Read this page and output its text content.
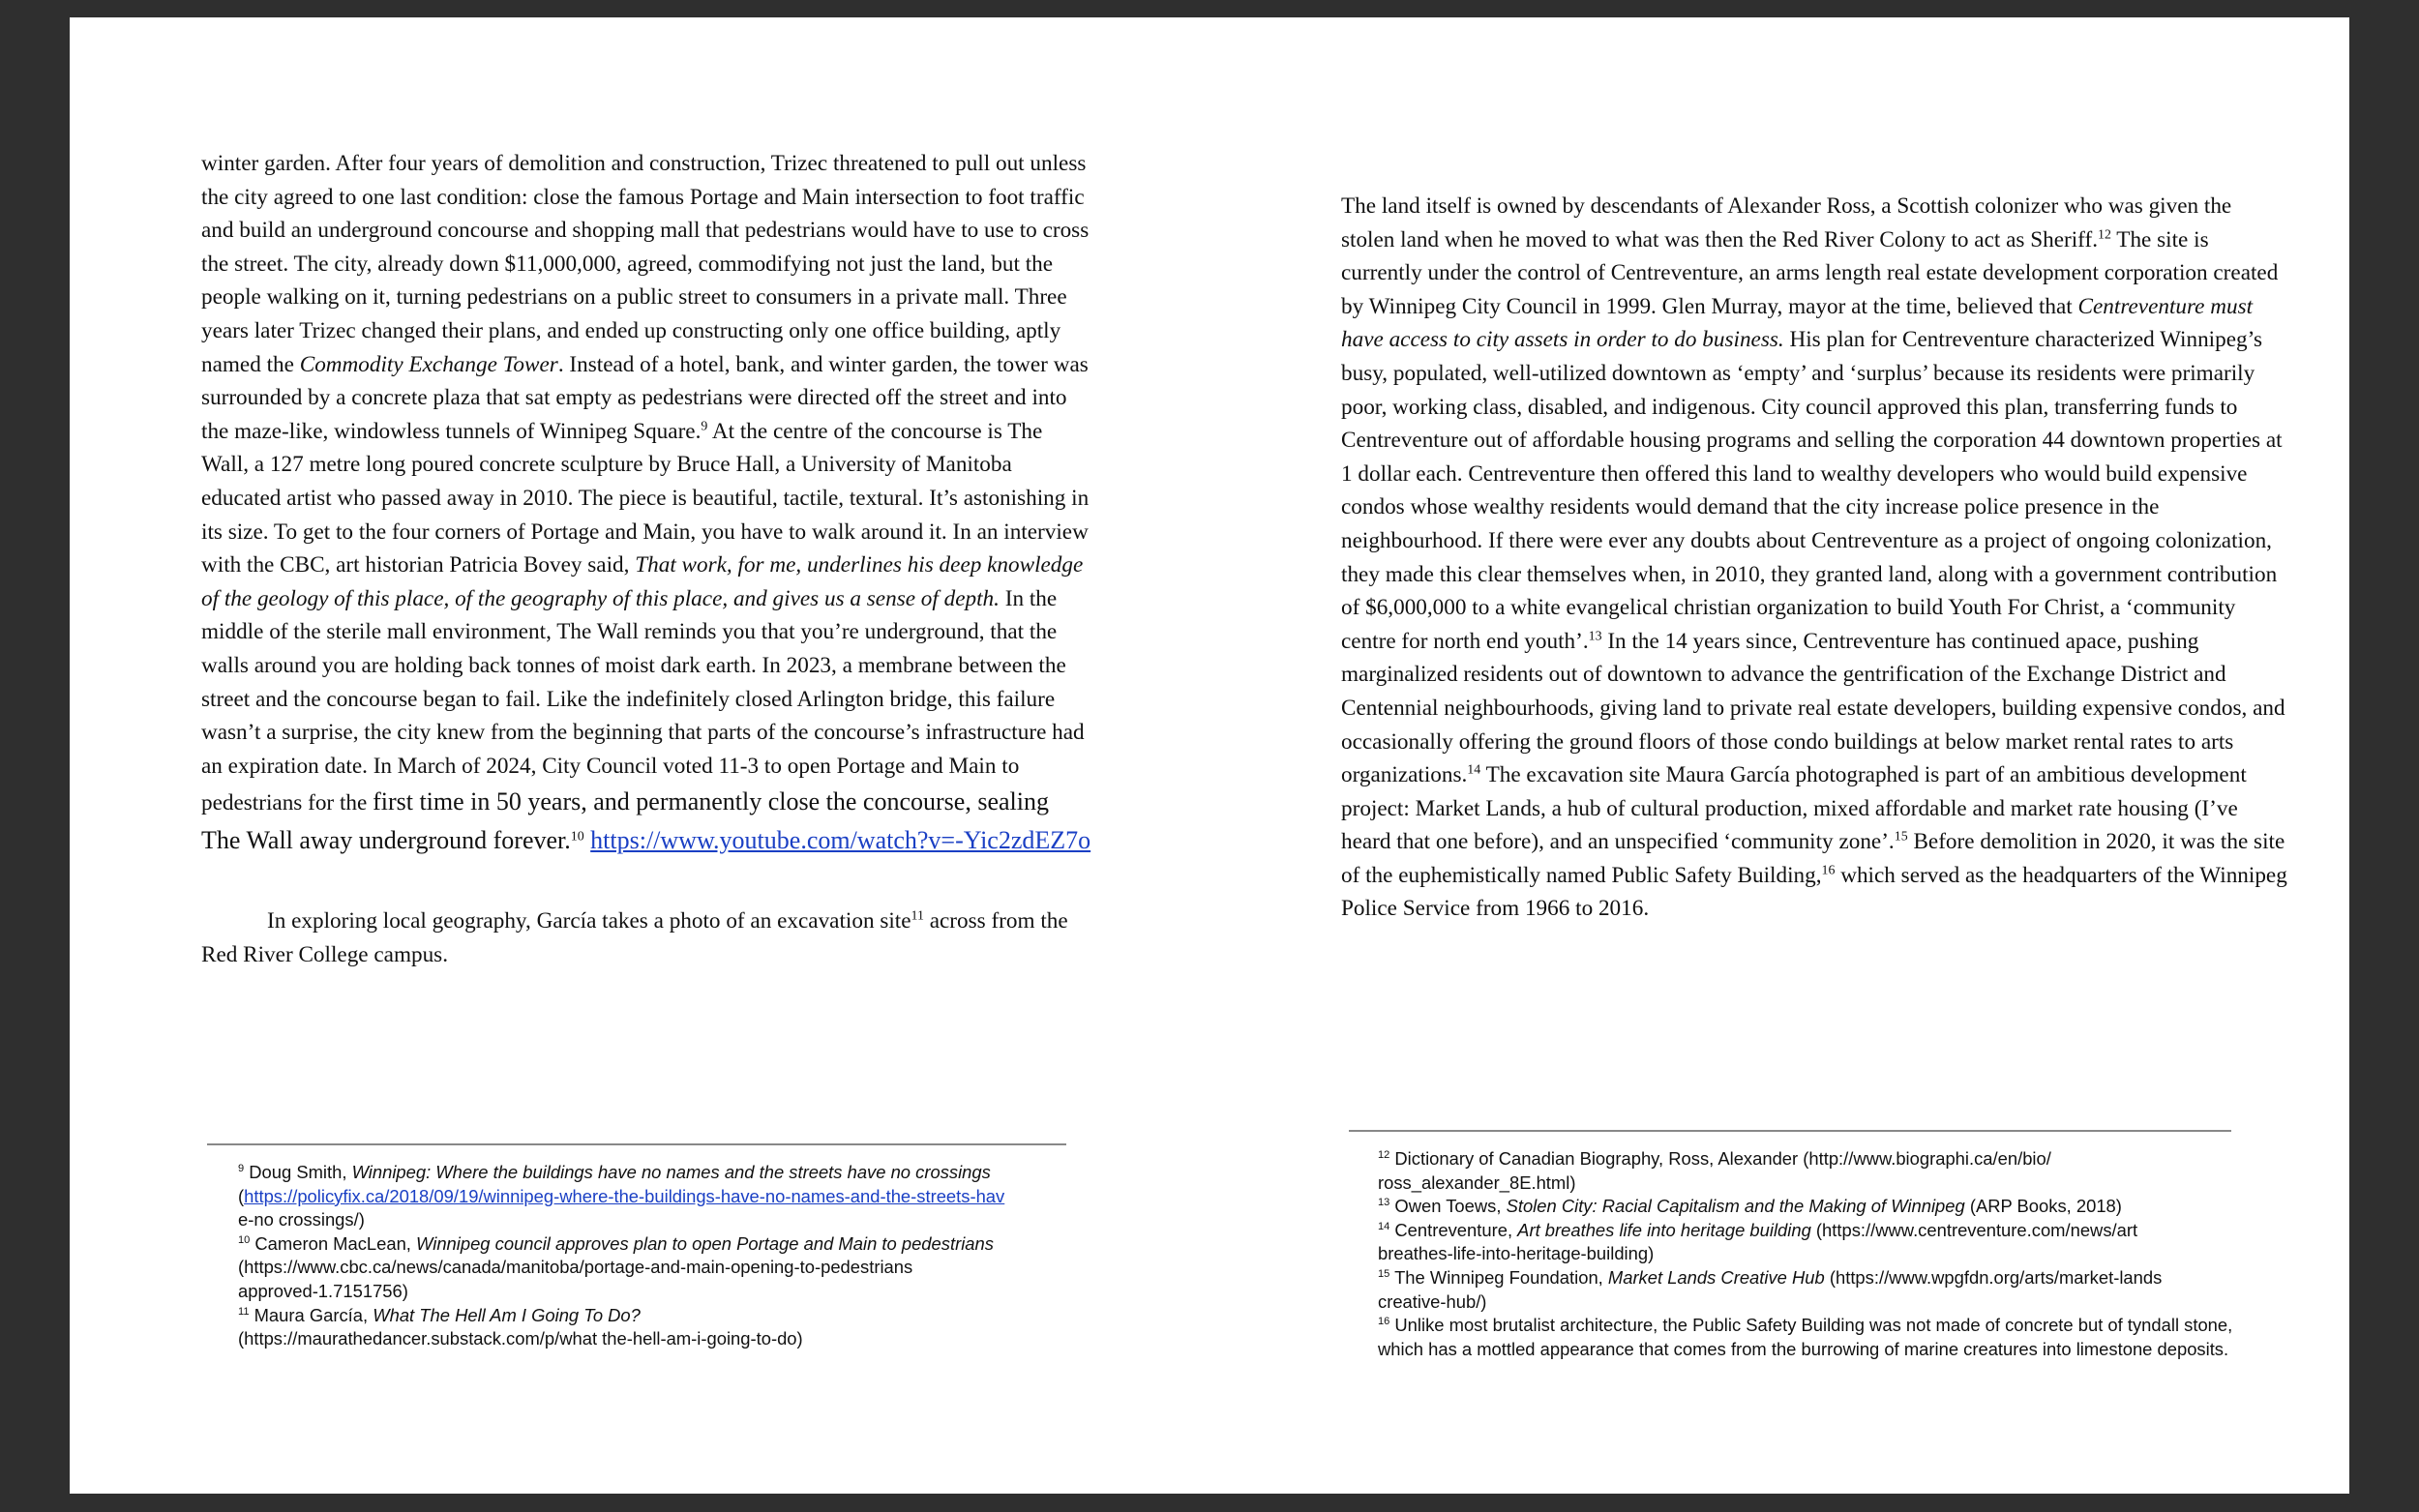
winter garden. After four years of demolition and construction, Trizec threatened to pull out unless the city agreed to one last condition: close the famous Portage and Main intersection to foot traffic and build an underground concourse and shopping mall that pedestrians would have to use to cross the street. The city, already down $11,000,000, agreed, commodifying not just the land, but the people walking on it, turning pedestrians on a public street to consumers in a private mall. Three years later Trizec changed their plans, and ended up constructing only one office building, aptly named the Commodity Exchange Tower. Instead of a hotel, bank, and winter garden, the tower was surrounded by a concrete plaza that sat empty as pedestrians were directed off the street and into the maze-like, windowless tunnels of Winnipeg Square.$^9$ At the centre of the concourse is The Wall, a 127 metre long poured concrete sculpture by Bruce Hall, a University of Manitoba educated artist who passed away in 2010. The piece is beautiful, tactile, textural. It’s astonishing in its size. To get to the four corners of Portage and Main, you have to walk around it. In an interview with the CBC, art historian Patricia Bovey said, That work, for me, underlines his deep knowledge of the geology of this place, of the geography of this place, and gives us a sense of depth. In the middle of the sterile mall environment, The Wall reminds you that you’re underground, that the walls around you are holding back tonnes of moist dark earth. In 2023, a membrane between the street and the concourse began to fail. Like the indefinitely closed Arlington bridge, this failure wasn’t a surprise, the city knew from the beginning that parts of the concourse’s infrastructure had an expiration date. In March of 2024, City Council voted 11-3 to open Portage and Main to pedestrians for the first time in 50 years, and permanently close the concourse, sealing The Wall away underground forever.$^{10}$ https://www.youtube.com/watch?v=-Yic2zdEZ7o

In exploring local geography, García takes a photo of an excavation site$^{11}$ across from the Red River College campus.

$^9$ Doug Smith, Winnipeg: Where the buildings have no names and the streets have no crossings

(https://policyfix.ca/2018/09/19/winnipeg-where-the-buildings-have-no-names-and-the-streets-hav

e-no crossings/)

$^{10}$ Cameron MacLean, Winnipeg council approves plan to open Portage and Main to pedestrians

(https://www.cbc.ca/news/canada/manitoba/portage-and-main-opening-to-pedestrians

approved-1.7151756)

$^{11}$ Maura García, What The Hell Am I Going To Do?

(https://maurathedancer.substack.com/p/what the-hell-am-i-going-to-do)

The land itself is owned by descendants of Alexander Ross, a Scottish colonizer who was given the stolen land when he moved to what was then the Red River Colony to act as Sheriff.$^{12}$ The site is currently under the control of Centreventure, an arms length real estate development corporation created by Winnipeg City Council in 1999. Glen Murray, mayor at the time, believed that Centreventure must have access to city assets in order to do business. His plan for Centreventure characterized Winnipeg’s busy, populated, well-utilized downtown as ‘empty’ and ‘surplus’ because its residents were primarily poor, working class, disabled, and indigenous. City council approved this plan, transferring funds to Centreventure out of affordable housing programs and selling the corporation 44 downtown properties at 1 dollar each. Centreventure then offered this land to wealthy developers who would build expensive condos whose wealthy residents would demand that the city increase police presence in the neighbourhood. If there were ever any doubts about Centreventure as a project of ongoing colonization, they made this clear themselves when, in 2010, they granted land, along with a government contribution of $6,000,000 to a white evangelical christian organization to build Youth For Christ, a ‘community centre for north end youth’.$^{13}$ In the 14 years since, Centreventure has continued apace, pushing marginalized residents out of downtown to advance the gentrification of the Exchange District and Centennial neighbourhoods, giving land to private real estate developers, building expensive condos, and occasionally offering the ground floors of those condo buildings at below market rental rates to arts organizations.$^{14}$ The excavation site Maura García photographed is part of an ambitious development project: Market Lands, a hub of cultural production, mixed affordable and market rate housing (I’ve heard that one before), and an unspecified ‘community zone’.$^{15}$ Before demolition in 2020, it was the site of the euphemistically named Public Safety Building,$^{16}$ which served as the headquarters of the Winnipeg Police Service from 1966 to 2016.

$^{12}$ Dictionary of Canadian Biography, Ross, Alexander (http://www.biographi.ca/en/bio/

ross_alexander_8E.html)

$^{13}$ Owen Toews, Stolen City: Racial Capitalism and the Making of Winnipeg (ARP Books, 2018)

$^{14}$ Centreventure, Art breathes life into heritage building (https://www.centreventure.com/news/art

breathes-life-into-heritage-building)

$^{15}$ The Winnipeg Foundation, Market Lands Creative Hub (https://www.wpgfdn.org/arts/market-lands

creative-hub/)

$^{16}$ Unlike most brutalist architecture, the Public Safety Building was not made of concrete but of tyndall stone, which has a mottled appearance that comes from the burrowing of marine creatures into limestone deposits.
